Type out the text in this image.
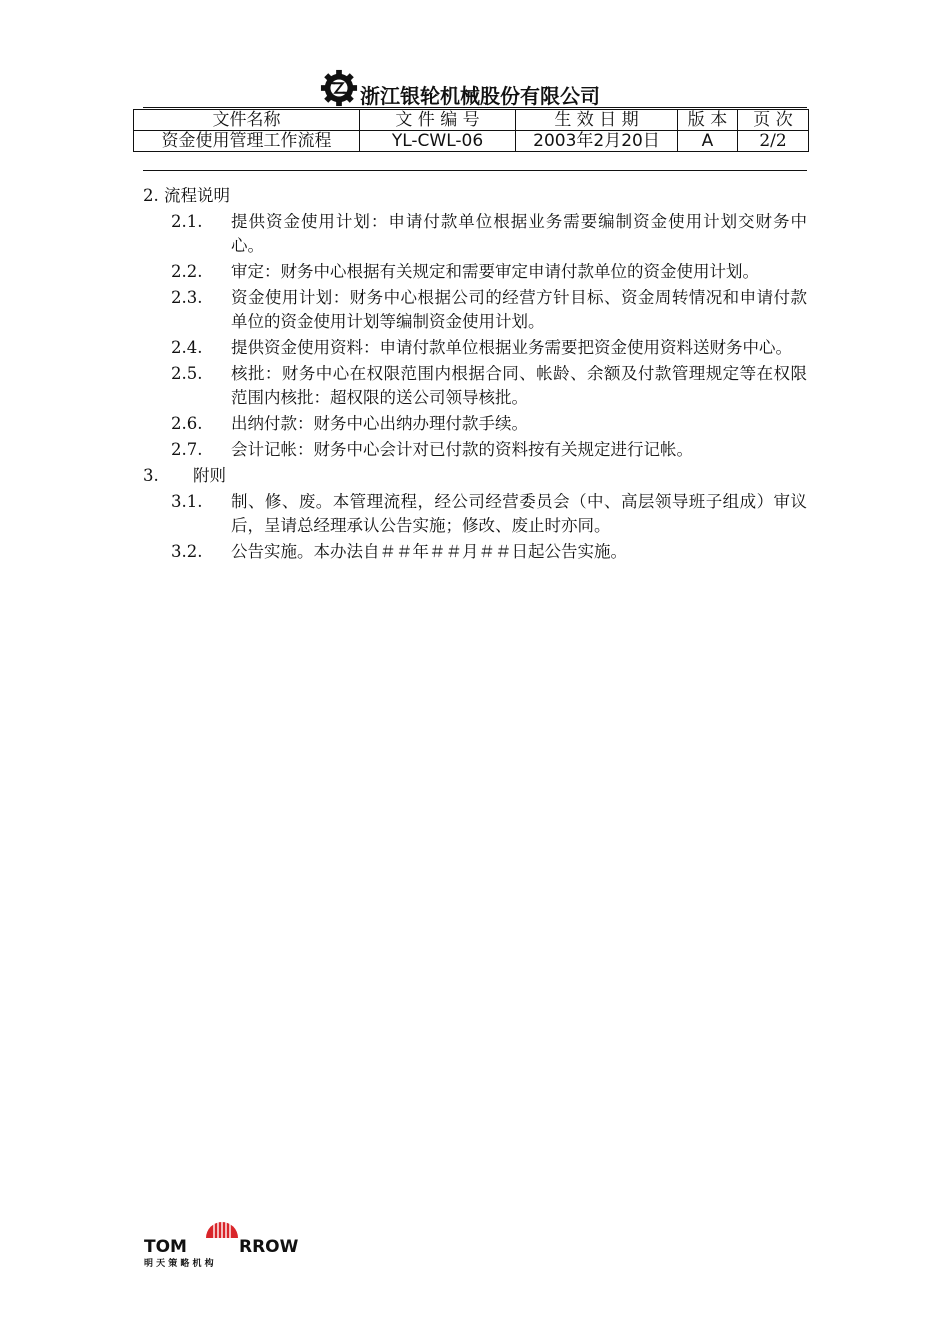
浙江银轮机械股份有限公司
文件名称	文 件 编 号	生 效 日 期	版 本	页 次
资金使用管理工作流程	YL-CWL-06	2003年2月20日	A	2/2
2. 流程说明
2.1.	提供资金使用计划：申请付款单位根据业务需要编制资金使用计划交财务中心。
2.2.	审定：财务中心根据有关规定和需要审定申请付款单位的资金使用计划。
2.3.	资金使用计划：财务中心根据公司的经营方针目标、资金周转情况和申请付款单位的资金使用计划等编制资金使用计划。
2.4.	提供资金使用资料：申请付款单位根据业务需要把资金使用资料送财务中心。
2.5.	核批：财务中心在权限范围内根据合同、帐龄、余额及付款管理规定等在权限范围内核批：超权限的送公司领导核批。
2.6.	出纳付款：财务中心出纳办理付款手续。
2.7.	会计记帐：财务中心会计对已付款的资料按有关规定进行记帐。
3.	附则
3.1.	制、修、废。本管理流程，经公司经营委员会（中、高层领导班子组成）审议后，呈请总经理承认公告实施；修改、废止时亦同。
3.2.	公告实施。本办法自＃＃年＃＃月＃＃日起公告实施。
TOM	RROW
明 天 策 略 机 构
